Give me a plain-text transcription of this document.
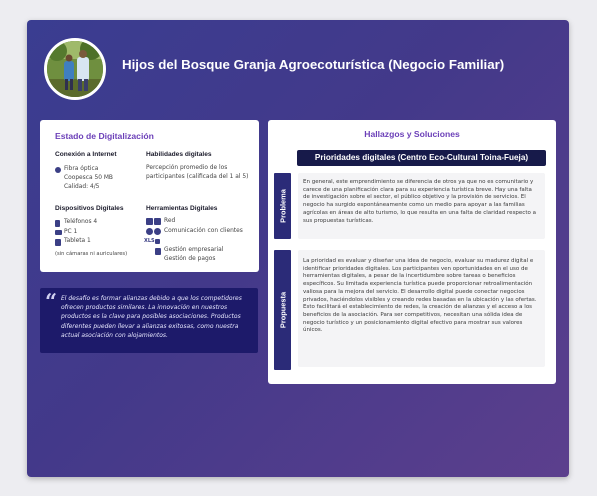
Hijos del Bosque Granja Agroecoturística (Negocio Familiar)
Estado de Digitalización
Conexión a Internet
Fibra óptica
Coopesca 50 MB
Calidad: 4/5
Habilidades digitales
Percepción promedio de los participantes (calificada del 1 al 5)
Dispositivos Digitales
Teléfonos 4
PC 1
Tableta 1
(sin cámaras ni auriculares)
Herramientas Digitales
Red
Comunicación con clientes
XLS
Gestión empresarial
Gestión de pagos
“ El desafío es formar alianzas debido a que los competidores ofrecen productos similares. La innovación en nuestros productos es la clave para posibles asociaciones. Productos diferentes pueden llevar a alianzas exitosas, como nuestra actual asociación con alojamientos.
Hallazgos y Soluciones
Prioridades digitales (Centro Eco-Cultural Toina-Fueja)
Problema
En general, este emprendimiento se diferencia de otros ya que no es comunitario y carece de una planificación clara para su experiencia turística breve. Hay una falta de investigación sobre el sector, el público objetivo y la provisión de servicios. El negocio ha surgido espontáneamente como un medio para apoyar a las familias agrícolas en áreas de alto turismo, lo que resulta en una falta de claridad respecto a sus propuestas turísticas.
Propuesta
La prioridad es evaluar y diseñar una idea de negocio, evaluar su madurez digital e identificar prioridades digitales. Los participantes ven oportunidades en el uso de herramientas digitales, a pesar de la incertidumbre sobre tareas o beneficios específicos. Su limitada experiencia turística puede proporcionar retroalimentación valiosa para la mejora del servicio. El desarrollo digital puede conectar negocios privados, haciéndolos visibles y creando redes basadas en la ubicación y las ofertas. Esto facilitará el establecimiento de redes, la creación de alianzas y el acceso a los beneficios de la asociación. Para ser competitivos, necesitan una sólida idea de negocio turístico y un posicionamiento digital efectivo para mostrar sus valores únicos.
